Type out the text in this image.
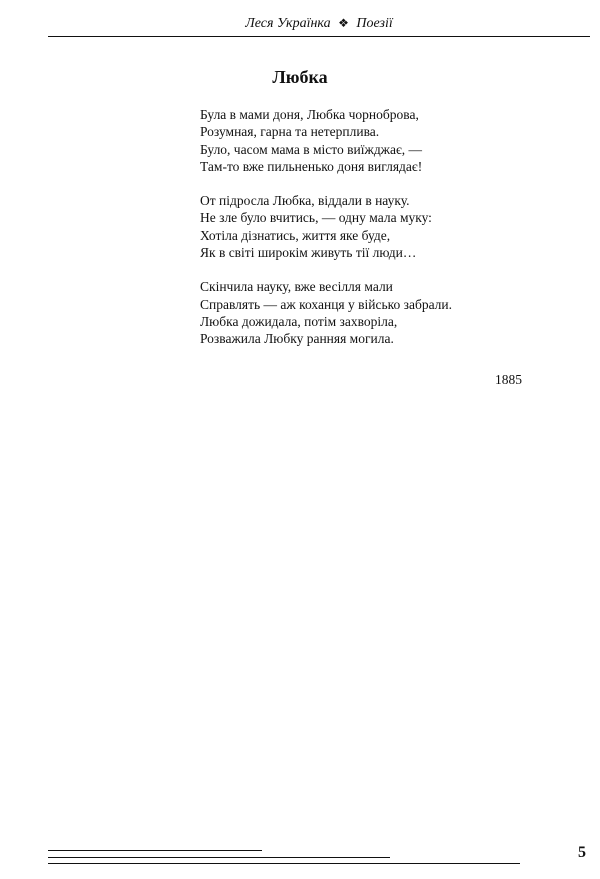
Леся Українка ❖ Поезії
Любка
Була в мами доня, Любка чорноброва,
Розумная, гарна та нетерплива.
Було, часом мама в місто виїжджає, —
Там-то вже пильненько доня виглядає!
От підросла Любка, віддали в науку.
Не зле було вчитись, — одну мала муку:
Хотіла дізнатись, життя яке буде,
Як в світі широкім живуть тії люди…
Скінчила науку, вже весілля мали
Справлять — аж коханця у військо забрали.
Любка дожидала, потім захворіла,
Розважила Любку ранняя могила.
1885
5
